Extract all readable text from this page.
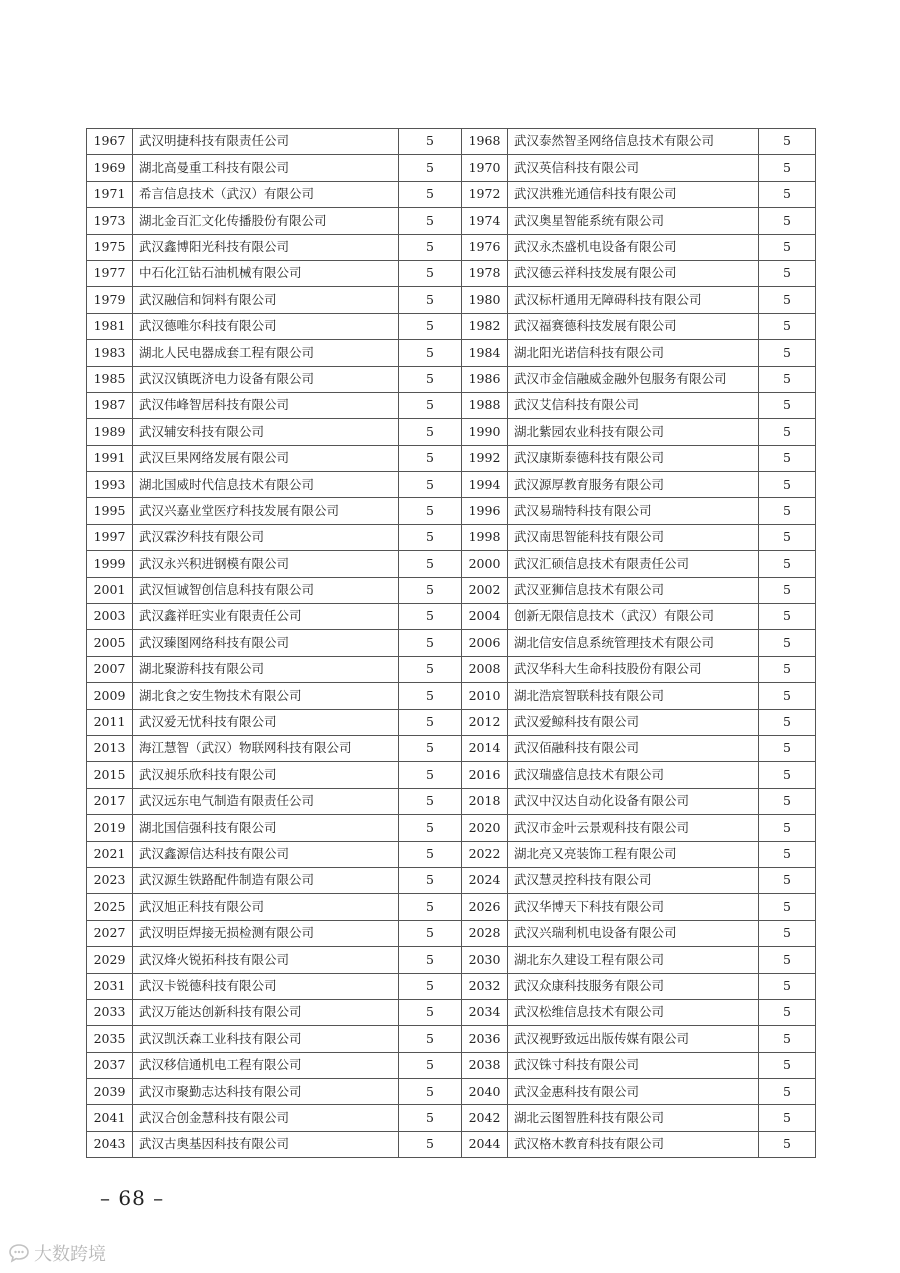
1967	武汉明捷科技有限责任公司	5	1968	武汉泰然智圣网络信息技术有限公司	5
1969	湖北高曼重工科技有限公司	5	1970	武汉英信科技有限公司	5
1971	希言信息技术（武汉）有限公司	5	1972	武汉洪雅光通信科技有限公司	5
1973	湖北金百汇文化传播股份有限公司	5	1974	武汉奥星智能系统有限公司	5
1975	武汉鑫博阳光科技有限公司	5	1976	武汉永杰盛机电设备有限公司	5
1977	中石化江钻石油机械有限公司	5	1978	武汉德云祥科技发展有限公司	5
1979	武汉融信和饲料有限公司	5	1980	武汉标杆通用无障碍科技有限公司	5
1981	武汉德唯尔科技有限公司	5	1982	武汉福赛德科技发展有限公司	5
1983	湖北人民电器成套工程有限公司	5	1984	湖北阳光诺信科技有限公司	5
1985	武汉汉镇既济电力设备有限公司	5	1986	武汉市金信融威金融外包服务有限公司	5
1987	武汉伟峰智居科技有限公司	5	1988	武汉艾信科技有限公司	5
1989	武汉辅安科技有限公司	5	1990	湖北紫园农业科技有限公司	5
1991	武汉巨果网络发展有限公司	5	1992	武汉康斯泰德科技有限公司	5
1993	湖北国威时代信息技术有限公司	5	1994	武汉源厚教育服务有限公司	5
1995	武汉兴嘉业堂医疗科技发展有限公司	5	1996	武汉易瑞特科技有限公司	5
1997	武汉霖汐科技有限公司	5	1998	武汉南思智能科技有限公司	5
1999	武汉永兴积进钢模有限公司	5	2000	武汉汇硕信息技术有限责任公司	5
2001	武汉恒诚智创信息科技有限公司	5	2002	武汉亚狮信息技术有限公司	5
2003	武汉鑫祥旺实业有限责任公司	5	2004	创新无限信息技术（武汉）有限公司	5
2005	武汉臻图网络科技有限公司	5	2006	湖北信安信息系统管理技术有限公司	5
2007	湖北聚游科技有限公司	5	2008	武汉华科大生命科技股份有限公司	5
2009	湖北食之安生物技术有限公司	5	2010	湖北浩宸智联科技有限公司	5
2011	武汉爱无忧科技有限公司	5	2012	武汉爱鲸科技有限公司	5
2013	海江慧智（武汉）物联网科技有限公司	5	2014	武汉佰融科技有限公司	5
2015	武汉昶乐欣科技有限公司	5	2016	武汉瑞盛信息技术有限公司	5
2017	武汉远东电气制造有限责任公司	5	2018	武汉中汉达自动化设备有限公司	5
2019	湖北国信强科技有限公司	5	2020	武汉市金叶云景观科技有限公司	5
2021	武汉鑫源信达科技有限公司	5	2022	湖北亮又亮装饰工程有限公司	5
2023	武汉源生铁路配件制造有限公司	5	2024	武汉慧灵控科技有限公司	5
2025	武汉旭正科技有限公司	5	2026	武汉华博天下科技有限公司	5
2027	武汉明臣焊接无损检测有限公司	5	2028	武汉兴瑞利机电设备有限公司	5
2029	武汉烽火锐拓科技有限公司	5	2030	湖北东久建设工程有限公司	5
2031	武汉卡锐德科技有限公司	5	2032	武汉众康科技服务有限公司	5
2033	武汉万能达创新科技有限公司	5	2034	武汉松维信息技术有限公司	5
2035	武汉凯沃森工业科技有限公司	5	2036	武汉视野致远出版传媒有限公司	5
2037	武汉移信通机电工程有限公司	5	2038	武汉铢寸科技有限公司	5
2039	武汉市聚勤志达科技有限公司	5	2040	武汉金惠科技有限公司	5
2041	武汉合创金慧科技有限公司	5	2042	湖北云图智胜科技有限公司	5
2043	武汉古奥基因科技有限公司	5	2044	武汉格木教育科技有限公司	5
– 68 –
大数跨境
